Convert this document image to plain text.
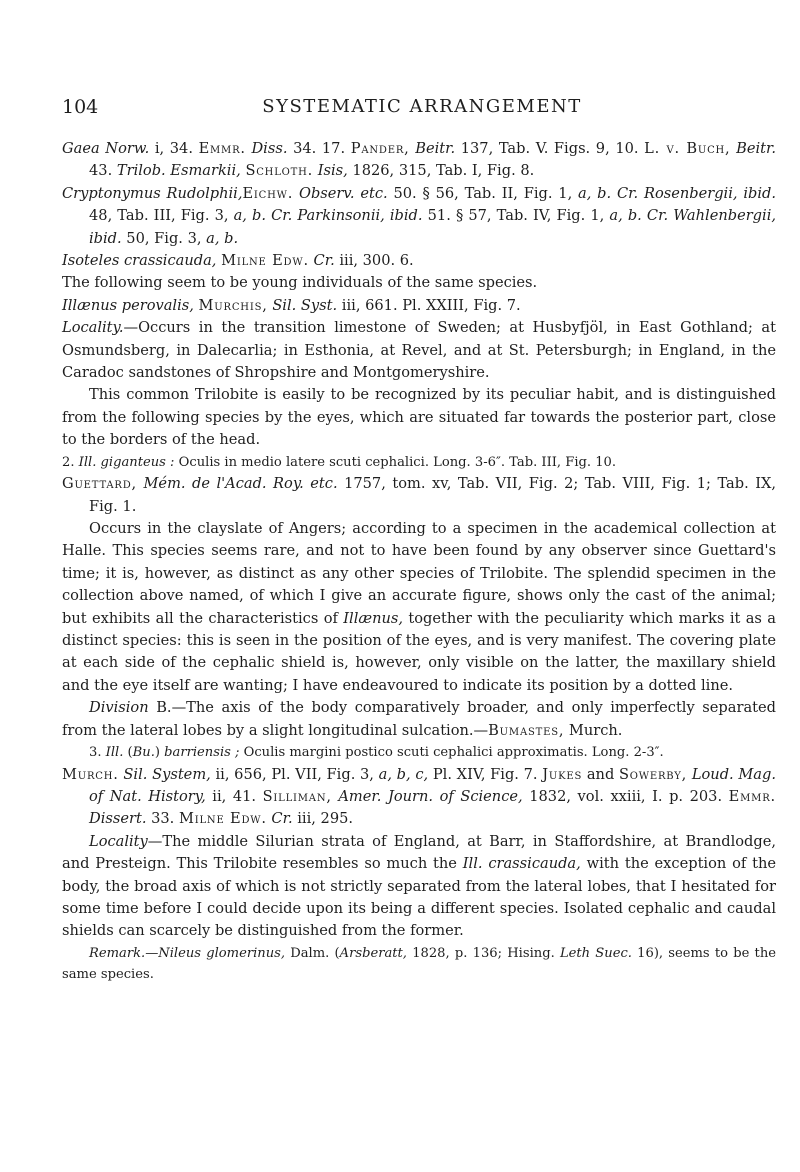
104	SYSTEMATIC ARRANGEMENT

Gaea Norw. i, 34. Emmr. Diss. 34. 17. Pander, Beitr. 137, Tab. V. Figs. 9, 10. L. v. Buch, Beitr. 43. Trilob. Esmarkii, Schloth. Isis, 1826, 315, Tab. I, Fig. 8.

Cryptonymus Rudolphii,Eichw. Observ. etc. 50. § 56, Tab. II, Fig. 1, a, b. Cr. Rosenbergii, ibid. 48, Tab. III, Fig. 3, a, b. Cr. Parkinsonii, ibid. 51. § 57, Tab. IV, Fig. 1, a, b. Cr. Wahlenbergii, ibid. 50, Fig. 3, a, b.

Isoteles crassicauda, Milne Edw. Cr. iii, 300. 6.

The following seem to be young individuals of the same species.

Illænus perovalis, Murchis, Sil. Syst. iii, 661. Pl. XXIII, Fig. 7.

Locality.—Occurs in the transition limestone of Sweden; at Husbyfjöl, in East Gothland; at Osmundsberg, in Dalecarlia; in Esthonia, at Revel, and at St. Petersburgh; in England, in the Caradoc sandstones of Shropshire and Montgomeryshire.

This common Trilobite is easily to be recognized by its peculiar habit, and is distinguished from the following species by the eyes, which are situated far towards the posterior part, close to the borders of the head.

2. Ill. giganteus : Oculis in medio latere scuti cephalici. Long. 3-6″. Tab. III, Fig. 10.

Guettard, Mém. de l'Acad. Roy. etc. 1757, tom. xv, Tab. VII, Fig. 2; Tab. VIII, Fig. 1; Tab. IX, Fig. 1.

Occurs in the clayslate of Angers; according to a specimen in the academical collection at Halle. This species seems rare, and not to have been found by any observer since Guettard's time; it is, however, as distinct as any other species of Trilobite. The splendid specimen in the collection above named, of which I give an accurate figure, shows only the cast of the animal; but exhibits all the characteristics of Illænus, together with the peculiarity which marks it as a distinct species: this is seen in the position of the eyes, and is very manifest. The covering plate at each side of the cephalic shield is, however, only visible on the latter, the maxillary shield and the eye itself are wanting; I have endeavoured to indicate its position by a dotted line.

Division B.—The axis of the body comparatively broader, and only imperfectly separated from the lateral lobes by a slight longitudinal sulcation.—Bumastes, Murch.

3. Ill. (Bu.) barriensis ; Oculis margini postico scuti cephalici approximatis. Long. 2-3″.

Murch. Sil. System, ii, 656, Pl. VII, Fig. 3, a, b, c, Pl. XIV, Fig. 7. Jukes and Sowerby, Loud. Mag. of Nat. History, ii, 41. Silliman, Amer. Journ. of Science, 1832, vol. xxiii, I. p. 203. Emmr. Dissert. 33. Milne Edw. Cr. iii, 295.

Locality—The middle Silurian strata of England, at Barr, in Staffordshire, at Brandlodge, and Presteign. This Trilobite resembles so much the Ill. crassicauda, with the exception of the body, the broad axis of which is not strictly separated from the lateral lobes, that I hesitated for some time before I could decide upon its being a different species. Isolated cephalic and caudal shields can scarcely be distinguished from the former.

Remark.—Nileus glomerinus, Dalm. (Arsberatt, 1828, p. 136; Hising. Leth Suec. 16), seems to be the same species.
